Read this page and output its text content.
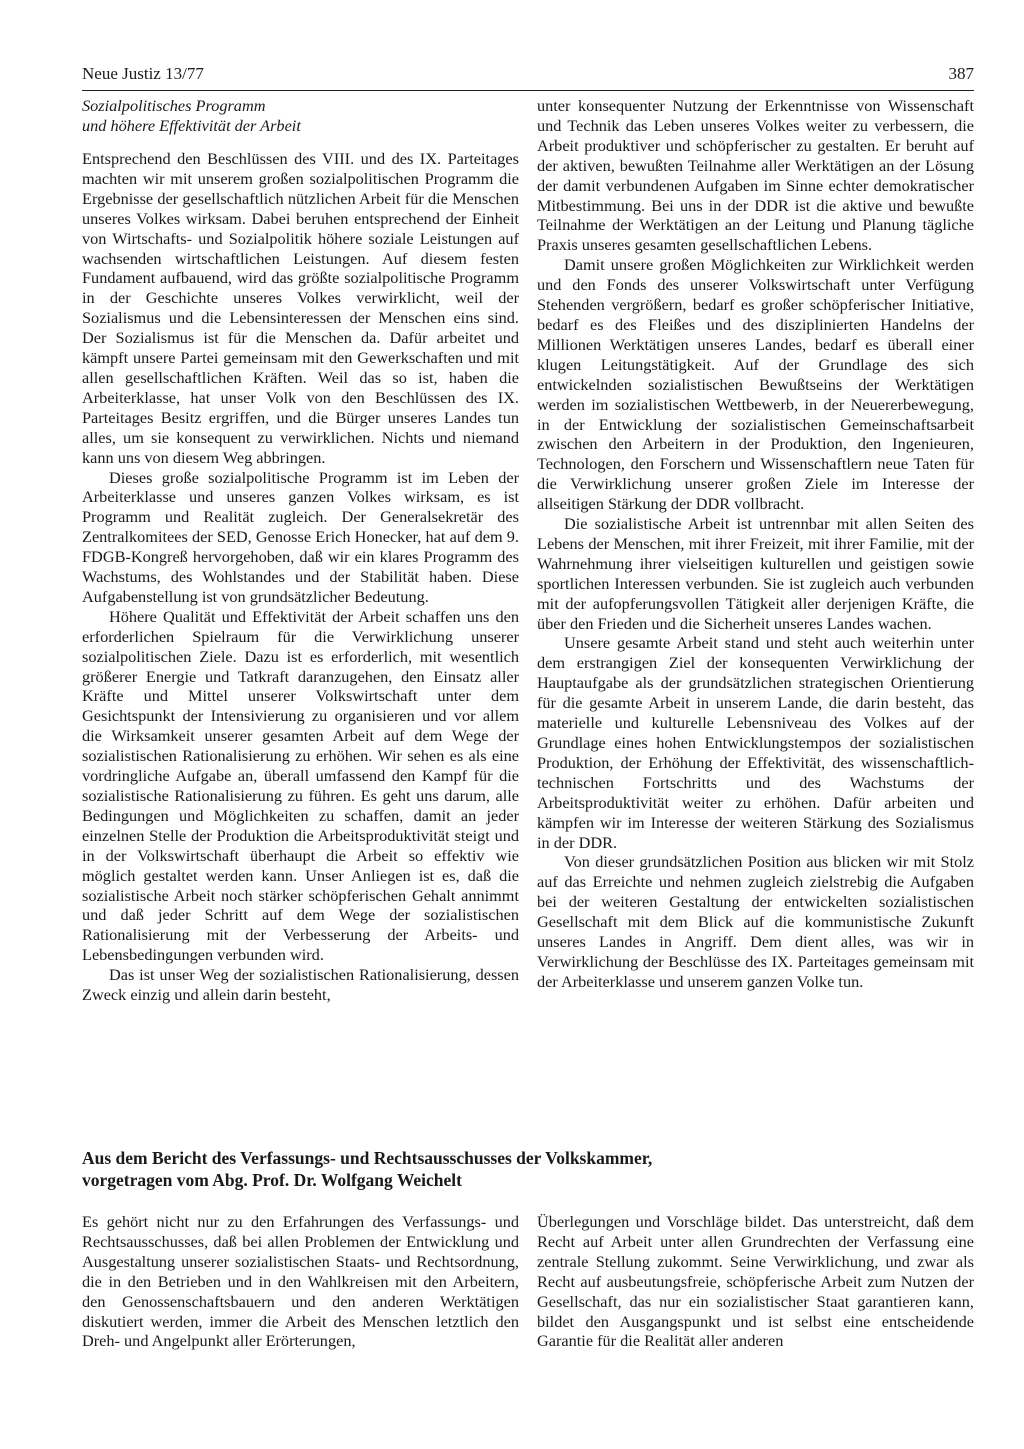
Neue Justiz 13/77	387
Sozialpolitisches Programm
und höhere Effektivität der Arbeit

Entsprechend den Beschlüssen des VIII. und des IX. Parteitages machten wir mit unserem großen sozialpolitischen Programm die Ergebnisse der gesellschaftlich nützlichen Arbeit für die Menschen unseres Volkes wirksam. Dabei beruhen entsprechend der Einheit von Wirtschafts- und Sozialpolitik höhere soziale Leistungen auf wachsenden wirtschaftlichen Leistungen. Auf diesem festen Fundament aufbauend, wird das größte sozialpolitische Programm in der Geschichte unseres Volkes verwirklicht, weil der Sozialismus und die Lebensinteressen der Menschen eins sind. Der Sozialismus ist für die Menschen da. Dafür arbeitet und kämpft unsere Partei gemeinsam mit den Gewerkschaften und mit allen gesellschaftlichen Kräften. Weil das so ist, haben die Arbeiterklasse, hat unser Volk von den Beschlüssen des IX. Parteitages Besitz ergriffen, und die Bürger unseres Landes tun alles, um sie konsequent zu verwirklichen. Nichts und niemand kann uns von diesem Weg abbringen.

Dieses große sozialpolitische Programm ist im Leben der Arbeiterklasse und unseres ganzen Volkes wirksam, es ist Programm und Realität zugleich. Der Generalsekretär des Zentralkomitees der SED, Genosse Erich Honecker, hat auf dem 9. FDGB-Kongreß hervorgehoben, daß wir ein klares Programm des Wachstums, des Wohlstandes und der Stabilität haben. Diese Aufgabenstellung ist von grundsätzlicher Bedeutung.

Höhere Qualität und Effektivität der Arbeit schaffen uns den erforderlichen Spielraum für die Verwirklichung unserer sozialpolitischen Ziele. Dazu ist es erforderlich, mit wesentlich größerer Energie und Tatkraft daranzugehen, den Einsatz aller Kräfte und Mittel unserer Volkswirtschaft unter dem Gesichtspunkt der Intensivierung zu organisieren und vor allem die Wirksamkeit unserer gesamten Arbeit auf dem Wege der sozialistischen Rationalisierung zu erhöhen. Wir sehen es als eine vordringliche Aufgabe an, überall umfassend den Kampf für die sozialistische Rationalisierung zu führen. Es geht uns darum, alle Bedingungen und Möglichkeiten zu schaffen, damit an jeder einzelnen Stelle der Produktion die Arbeitsproduktivität steigt und in der Volkswirtschaft überhaupt die Arbeit so effektiv wie möglich gestaltet werden kann. Unser Anliegen ist es, daß die sozialistische Arbeit noch stärker schöpferischen Gehalt annimmt und daß jeder Schritt auf dem Wege der sozialistischen Rationalisierung mit der Verbesserung der Arbeits- und Lebensbedingungen verbunden wird.

Das ist unser Weg der sozialistischen Rationalisierung, dessen Zweck einzig und allein darin besteht,

unter konsequenter Nutzung der Erkenntnisse von Wissenschaft und Technik das Leben unseres Volkes weiter zu verbessern, die Arbeit produktiver und schöpferischer zu gestalten. Er beruht auf der aktiven, bewußten Teilnahme aller Werktätigen an der Lösung der damit verbundenen Aufgaben im Sinne echter demokratischer Mitbestimmung. Bei uns in der DDR ist die aktive und bewußte Teilnahme der Werktätigen an der Leitung und Planung tägliche Praxis unseres gesamten gesellschaftlichen Lebens.

Damit unsere großen Möglichkeiten zur Wirklichkeit werden und den Fonds des unserer Volkswirtschaft unter Verfügung Stehenden vergrößern, bedarf es großer schöpferischer Initiative, bedarf es des Fleißes und des disziplinierten Handelns der Millionen Werktätigen unseres Landes, bedarf es überall einer klugen Leitungstätigkeit. Auf der Grundlage des sich entwickelnden sozialistischen Bewußtseins der Werktätigen werden im sozialistischen Wettbewerb, in der Neuererbewegung, in der Entwicklung der sozialistischen Gemeinschaftsarbeit zwischen den Arbeitern in der Produktion, den Ingenieuren, Technologen, den Forschern und Wissenschaftlern neue Taten für die Verwirklichung unserer großen Ziele im Interesse der allseitigen Stärkung der DDR vollbracht.

Die sozialistische Arbeit ist untrennbar mit allen Seiten des Lebens der Menschen, mit ihrer Freizeit, mit ihrer Familie, mit der Wahrnehmung ihrer vielseitigen kulturellen und geistigen sowie sportlichen Interessen verbunden. Sie ist zugleich auch verbunden mit der aufopferungsvollen Tätigkeit aller derjenigen Kräfte, die über den Frieden und die Sicherheit unseres Landes wachen.

Unsere gesamte Arbeit stand und steht auch weiterhin unter dem erstrangigen Ziel der konsequenten Verwirklichung der Hauptaufgabe als der grundsätzlichen strategischen Orientierung für die gesamte Arbeit in unserem Lande, die darin besteht, das materielle und kulturelle Lebensniveau des Volkes auf der Grundlage eines hohen Entwicklungstempos der sozialistischen Produktion, der Erhöhung der Effektivität, des wissenschaftlich-technischen Fortschritts und des Wachstums der Arbeitsproduktivität weiter zu erhöhen. Dafür arbeiten und kämpfen wir im Interesse der weiteren Stärkung des Sozialismus in der DDR.

Von dieser grundsätzlichen Position aus blicken wir mit Stolz auf das Erreichte und nehmen zugleich zielstrebig die Aufgaben bei der weiteren Gestaltung der entwickelten sozialistischen Gesellschaft mit dem Blick auf die kommunistische Zukunft unseres Landes in Angriff. Dem dient alles, was wir in Verwirklichung der Beschlüsse des IX. Parteitages gemeinsam mit der Arbeiterklasse und unserem ganzen Volke tun.

Aus dem Bericht des Verfassungs- und Rechtsausschusses der Volkskammer,
vorgetragen vom Abg. Prof. Dr. Wolfgang Weichelt

Es gehört nicht nur zu den Erfahrungen des Verfassungs- und Rechtsausschusses, daß bei allen Problemen der Entwicklung und Ausgestaltung unserer sozialistischen Staats- und Rechtsordnung, die in den Betrieben und in den Wahlkreisen mit den Arbeitern, den Genossenschaftsbauern und den anderen Werktätigen diskutiert werden, immer die Arbeit des Menschen letztlich den Dreh- und Angelpunkt aller Erörterungen,

Überlegungen und Vorschläge bildet. Das unterstreicht, daß dem Recht auf Arbeit unter allen Grundrechten der Verfassung eine zentrale Stellung zukommt. Seine Verwirklichung, und zwar als Recht auf ausbeutungsfreie, schöpferische Arbeit zum Nutzen der Gesellschaft, das nur ein sozialistischer Staat garantieren kann, bildet den Ausgangspunkt und ist selbst eine entscheidende Garantie für die Realität aller anderen
